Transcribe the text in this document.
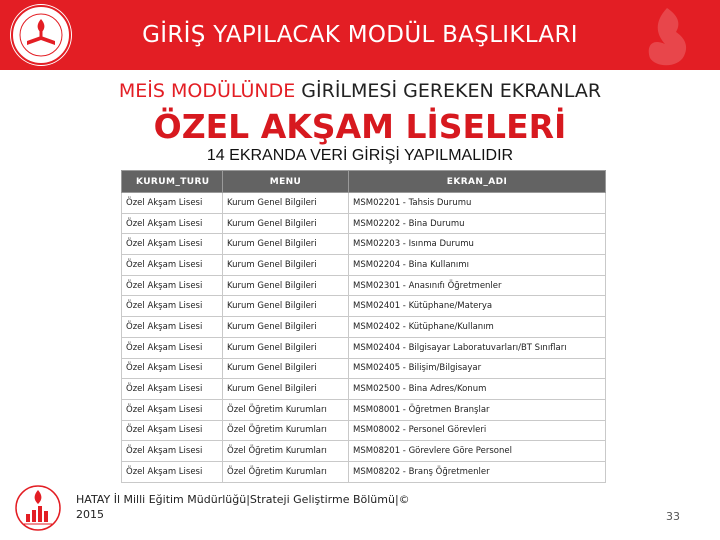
GİRİŞ YAPILACAK MODÜL BAŞLIKLARI
MEİS MODÜLÜNDE GİRİLMESİ GEREKEN EKRANLAR
ÖZEL AKŞAM LİSELERİ
14 EKRANDA VERİ GİRİŞİ YAPILMALIDIR
KURUM_TURU	MENU	EKRAN_ADI
Özel Akşam Lisesi	Kurum Genel Bilgileri	MSM02201 - Tahsis Durumu
Özel Akşam Lisesi	Kurum Genel Bilgileri	MSM02202 - Bina Durumu
Özel Akşam Lisesi	Kurum Genel Bilgileri	MSM02203 - Isınma Durumu
Özel Akşam Lisesi	Kurum Genel Bilgileri	MSM02204 - Bina Kullanımı
Özel Akşam Lisesi	Kurum Genel Bilgileri	MSM02301 - Anasınıfı Öğretmenler
Özel Akşam Lisesi	Kurum Genel Bilgileri	MSM02401 - Kütüphane/Materya
Özel Akşam Lisesi	Kurum Genel Bilgileri	MSM02402 - Kütüphane/Kullanım
Özel Akşam Lisesi	Kurum Genel Bilgileri	MSM02404 - Bilgisayar Laboratuvarları/BT Sınıfları
Özel Akşam Lisesi	Kurum Genel Bilgileri	MSM02405 - Bilişim/Bilgisayar
Özel Akşam Lisesi	Kurum Genel Bilgileri	MSM02500 - Bina Adres/Konum
Özel Akşam Lisesi	Özel Öğretim Kurumları	MSM08001 - Öğretmen Branşlar
Özel Akşam Lisesi	Özel Öğretim Kurumları	MSM08002 - Personel Görevleri
Özel Akşam Lisesi	Özel Öğretim Kurumları	MSM08201 - Görevlere Göre Personel
Özel Akşam Lisesi	Özel Öğretim Kurumları	MSM08202 - Branş Öğretmenler
HATAY İl Milli Eğitim Müdürlüğü|Strateji Geliştirme Bölümü|©
2015	33
